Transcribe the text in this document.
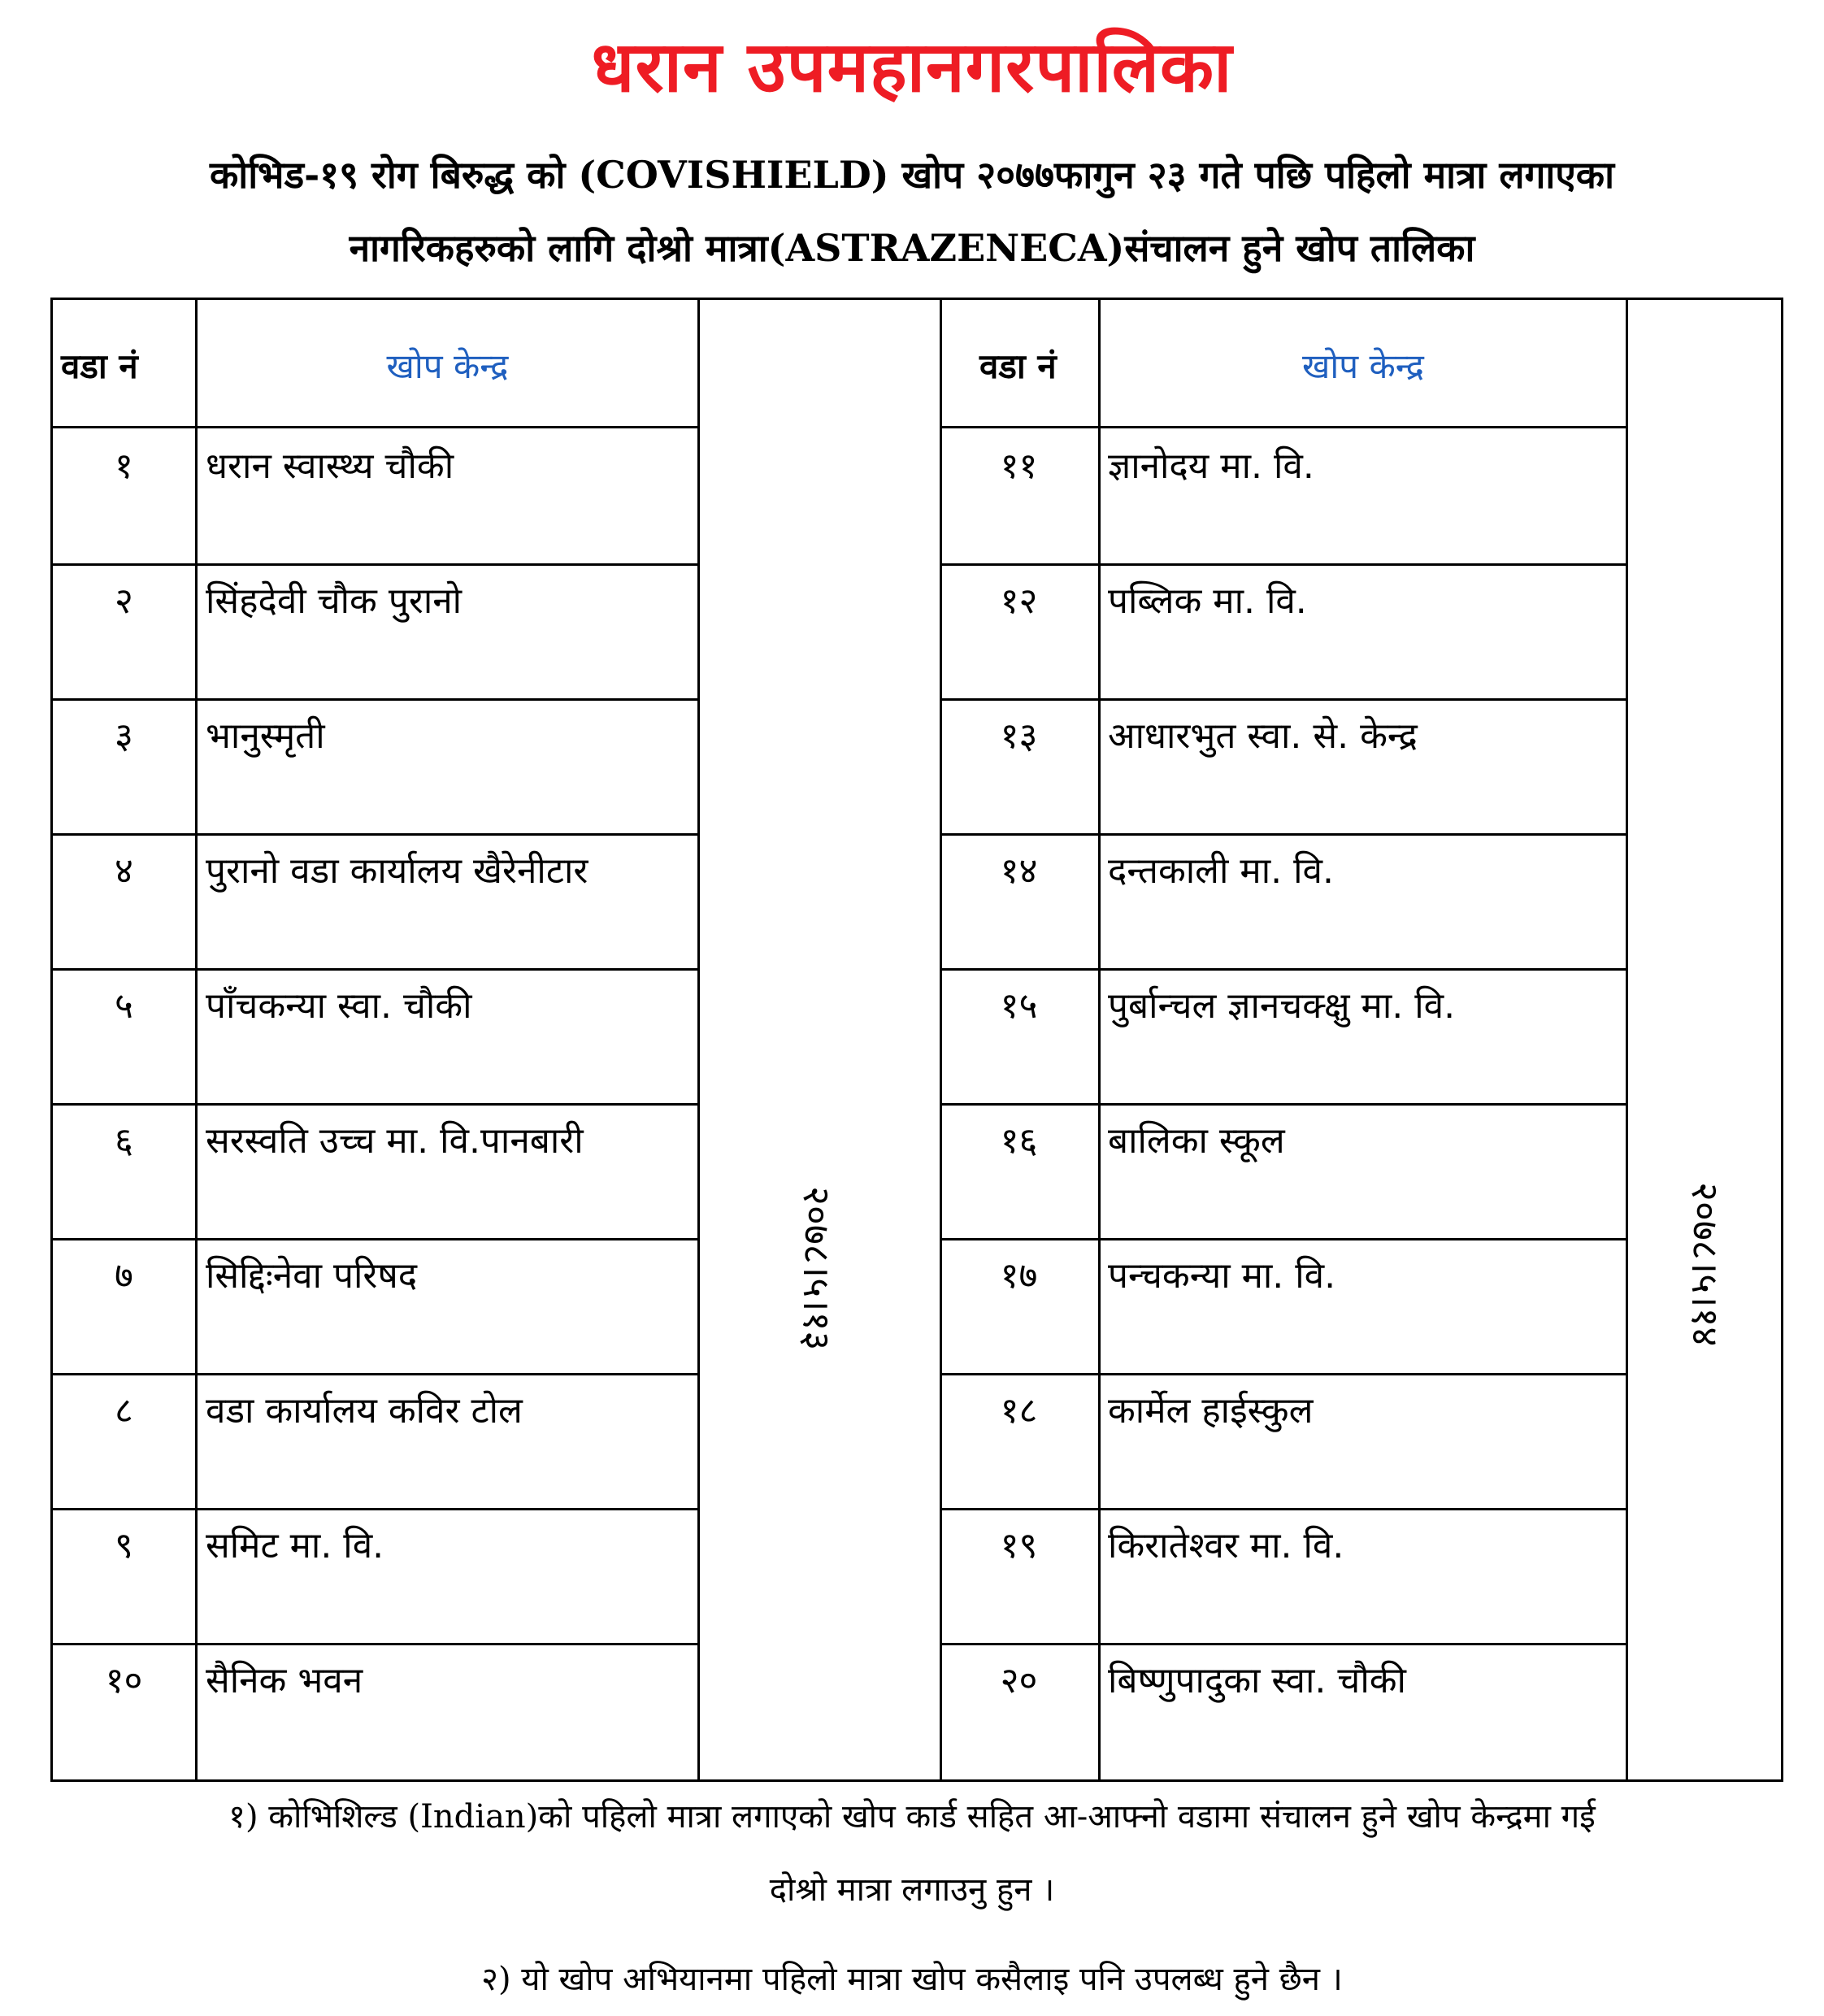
धरान उपमहानगरपालिका
कोभिड-१९ रोग बिरुद्ध को (COVISHIELD) खोप २०७७फागुन २३ गते पछि पहिलो मात्रा लगाएका
नागरिकहरुको लागि दोश्रो मात्रा(ASTRAZENECA)संचालन हुने खोप तालिका
वडा नं	खोप केन्द्र	वडा नं	खोप केन्द्र
२०७८।५।१३	२०७८।५।१४
१	धरान स्वास्थ्य चौकी
२	सिंहदेवी चौक पुरानो
३	भानुस्मृती
४	पुरानो वडा कार्यालय खैरेनीटार
५	पाँचकन्या स्वा. चौकी
६	सरस्वति उच्च मा. वि.पानबारी
७	सिद्दिःनेवा परिषद
८	वडा कार्यालय कविर टोल
९	समिट मा. वि.
१०	सैनिक भवन
११	ज्ञानोदय मा. वि.
१२	पब्लिक मा. वि.
१३	आधारभुत स्वा. से. केन्द्र
१४	दन्तकाली मा. वि.
१५	पुर्बान्चल ज्ञानचक्क्षु मा. वि.
१६	बालिका स्कूल
१७	पन्चकन्या मा. वि.
१८	कार्मेल हाईस्कुल
१९	किरातेश्वर मा. वि.
२०	बिष्णुपादुका स्वा. चौकी
१) कोभिशिल्ड (Indian)को पहिलो मात्रा लगाएको खोप कार्ड सहित आ-आफ्नो वडामा संचालन हुने खोप केन्द्रमा गई
दोश्रो मात्रा लगाउनु हुन ।
२) यो खोप अभियानमा पहिलो मात्रा खोप कसैलाइ पनि उपलब्ध हुने छैन ।
